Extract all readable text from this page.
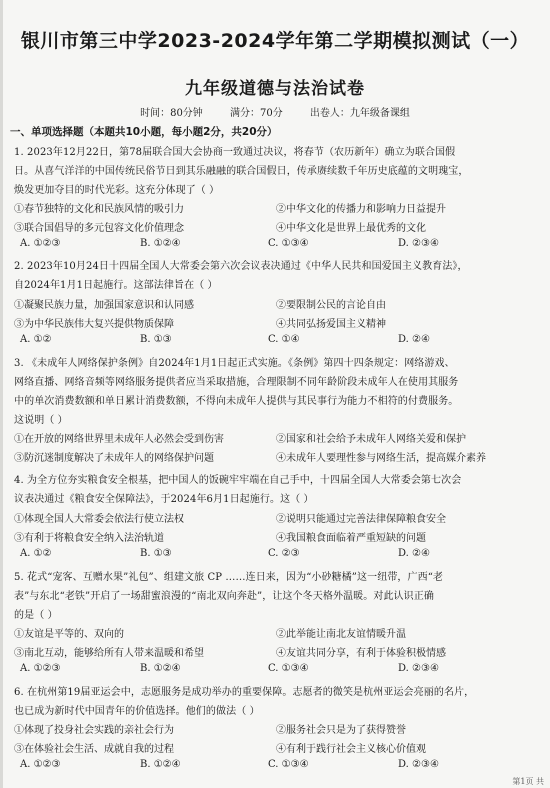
银川市第三中学2023-2024学年第二学期模拟测试（一）
九年级道德与法治试卷
时间：80分钟	满分：70分	出卷人：九年级备课组
一、单项选择题（本题共10小题，每小题2分，共20分）
1. 2023年12月22日，第78届联合国大会协商一致通过决议，将春节（农历新年）确立为联合国假
日。从喜气洋洋的中国传统民俗节日到其乐融融的联合国假日，传承赓续数千年历史底蕴的文明瑰宝，
焕发更加夺目的时代光彩。这充分体现了（ ）
①春节独特的文化和民族风情的吸引力	②中华文化的传播力和影响力日益提升
③联合国倡导的多元包容文化价值理念	④中华文化是世界上最优秀的文化
A. ①②③	B. ①②④	C. ①③④	D. ②③④
2. 2023年10月24日十四届全国人大常委会第六次会议表决通过《中华人民共和国爱国主义教育法》，
自2024年1月1日起施行。这部法律旨在（ ）
①凝聚民族力量，加强国家意识和认同感	②要限制公民的言论自由
③为中华民族伟大复兴提供物质保障	④共同弘扬爱国主义精神
A. ①②	B. ①③	C. ①④	D. ②④
3. 《未成年人网络保护条例》自2024年1月1日起正式实施。《条例》第四十四条规定：网络游戏、
网络直播、网络音频等网络服务提供者应当采取措施，合理限制不同年龄阶段未成年人在使用其服务
中的单次消费数额和单日累计消费数额，不得向未成年人提供与其民事行为能力不相符的付费服务。
这说明（ ）
①在开放的网络世界里未成年人必然会受到伤害	②国家和社会给予未成年人网络关爱和保护
③防沉迷制度解决了未成年人的网络保护问题	④未成年人要理性参与网络生活，提高媒介素养
4. 为全方位夯实粮食安全根基，把中国人的饭碗牢牢端在自己手中，十四届全国人大常委会第七次会
议表决通过《粮食安全保障法》，于2024年6月1日起施行。这（ ）
①体现全国人大常委会依法行使立法权	②说明只能通过完善法律保障粮食安全
③有利于将粮食安全纳入法治轨道	④我国粮食面临着严重短缺的问题
A. ①②	B. ①③	C. ②③	D. ②④
5. 花式“宠客、互赠水果”礼包”、组建文旅 CP ……连日来，因为“小砂糖橘”这一纽带，广西“老
表”与东北“老铁”开启了一场甜蜜浪漫的“南北双向奔赴”，让这个冬天格外温暖。对此认识正确
的是（ ）
①友谊是平等的、双向的	②此举能让南北友谊情暖升温
③南北互动，能够给所有人带来温暖和希望	④友谊共同分享，有利于体验积极情感
A. ①②③	B. ①②④	C. ①③④	D. ②③④
6. 在杭州第19届亚运会中，志愿服务是成功举办的重要保障。志愿者的微笑是杭州亚运会亮丽的名片，
也已成为新时代中国青年的价值选择。他们的做法（ ）
①体现了投身社会实践的亲社会行为	②服务社会只是为了获得赞誉
③在体验社会生活、成就自我的过程	④有利于践行社会主义核心价值观
A. ①②③	B. ①②④	C. ①③④	D. ②③④
第1页 共
